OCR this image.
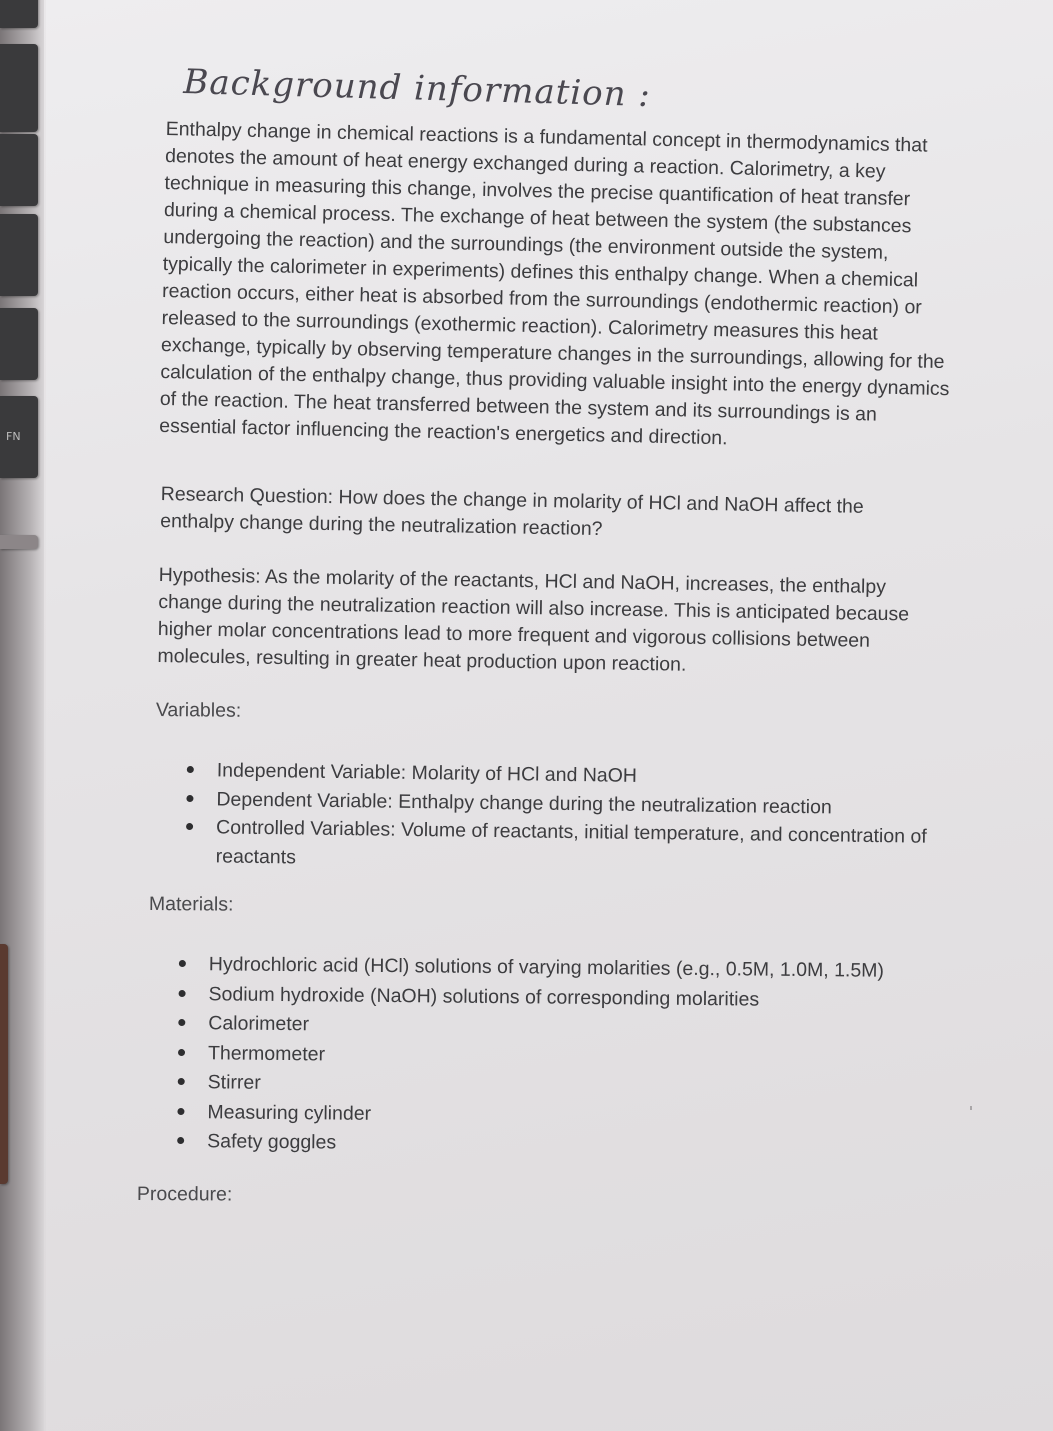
FN
Background information :
Enthalpy change in chemical reactions is a fundamental concept in thermodynamics that denotes the amount of heat energy exchanged during a reaction. Calorimetry, a key technique in measuring this change, involves the precise quantification of heat transfer during a chemical process. The exchange of heat between the system (the substances undergoing the reaction) and the surroundings (the environment outside the system, typically the calorimeter in experiments) defines this enthalpy change. When a chemical reaction occurs, either heat is absorbed from the surroundings (endothermic reaction) or released to the surroundings (exothermic reaction). Calorimetry measures this heat exchange, typically by observing temperature changes in the surroundings, allowing for the calculation of the enthalpy change, thus providing valuable insight into the energy dynamics of the reaction. The heat transferred between the system and its surroundings is an essential factor influencing the reaction's energetics and direction.
Research Question: How does the change in molarity of HCl and NaOH affect the enthalpy change during the neutralization reaction?
Hypothesis: As the molarity of the reactants, HCl and NaOH, increases, the enthalpy change during the neutralization reaction will also increase. This is anticipated because higher molar concentrations lead to more frequent and vigorous collisions between molecules, resulting in greater heat production upon reaction.
Variables:
Independent Variable: Molarity of HCl and NaOH
Dependent Variable: Enthalpy change during the neutralization reaction
Controlled Variables: Volume of reactants, initial temperature, and concentration of reactants
Materials:
Hydrochloric acid (HCl) solutions of varying molarities (e.g., 0.5M, 1.0M, 1.5M)
Sodium hydroxide (NaOH) solutions of corresponding molarities
Calorimeter
Thermometer
Stirrer
Measuring cylinder
Safety goggles
Procedure:
